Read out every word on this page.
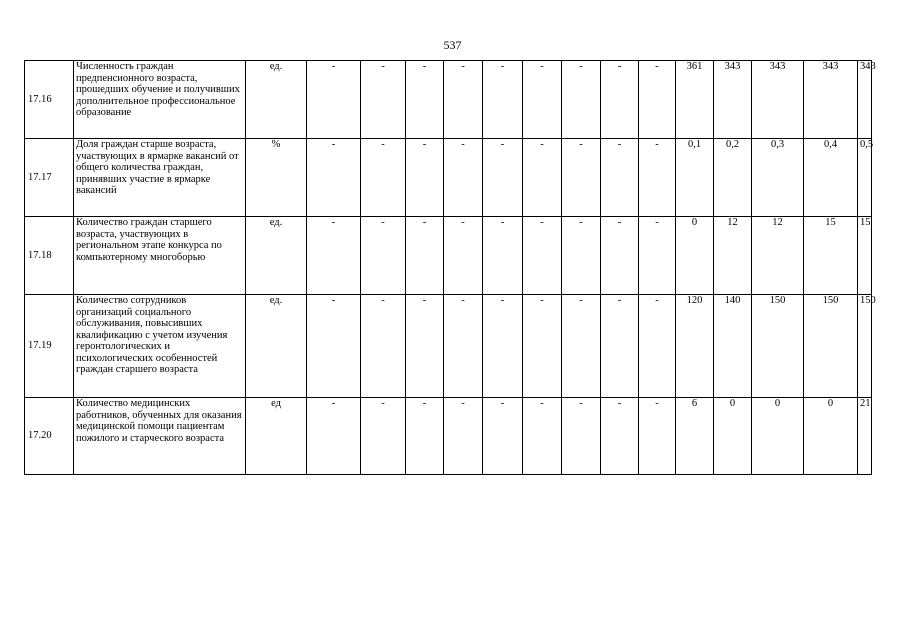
537
17.16	Численность граждан предпенсионного возраста, прошедших обучение и получивших дополнительное профессиональное образование	ед.	-	-	-	-	-	-	-	-	-	361	343	343	343	343
17.17	Доля граждан старше возраста, участвующих в ярмарке вакансий от общего количества граждан, принявших участие в ярмарке вакансий	%	-	-	-	-	-	-	-	-	-	0,1	0,2	0,3	0,4	0,5
17.18	Количество граждан старшего возраста, участвующих в региональном этапе конкурса по компьютерному многоборью	ед.	-	-	-	-	-	-	-	-	-	0	12	12	15	15
17.19	Количество сотрудников организаций социального обслуживания, повысивших квалификацию с учетом изучения геронтологических и психологических особенностей граждан старшего возраста	ед.	-	-	-	-	-	-	-	-	-	120	140	150	150	150
17.20	Количество медицинских работников, обученных для оказания медицинской помощи пациентам пожилого и старческого возраста	ед	-	-	-	-	-	-	-	-	-	6	0	0	0	21
